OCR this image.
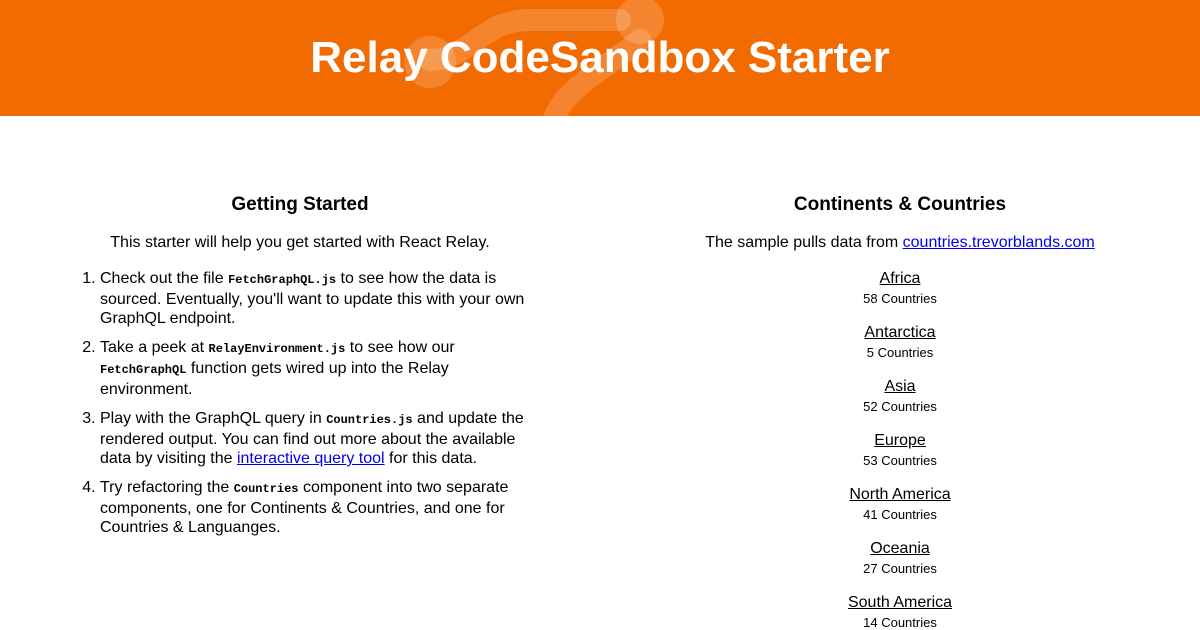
Relay CodeSandbox Starter
Getting Started

This starter will help you get started with React Relay.

1. Check out the file FetchGraphQL.js to see how the data is sourced. Eventually, you'll want to update this with your own GraphQL endpoint.
2. Take a peek at RelayEnvironment.js to see how our FetchGraphQL function gets wired up into the Relay environment.
3. Play with the GraphQL query in Countries.js and update the rendered output. You can find out more about the available data by visiting the interactive query tool for this data.
4. Try refactoring the Countries component into two separate components, one for Continents & Countries, and one for Countries & Languanges.
Continents & Countries

The sample pulls data from countries.trevorblands.com

Africa
58 Countries
Antarctica
5 Countries
Asia
52 Countries
Europe
53 Countries
North America
41 Countries
Oceania
27 Countries
South America
14 Countries
